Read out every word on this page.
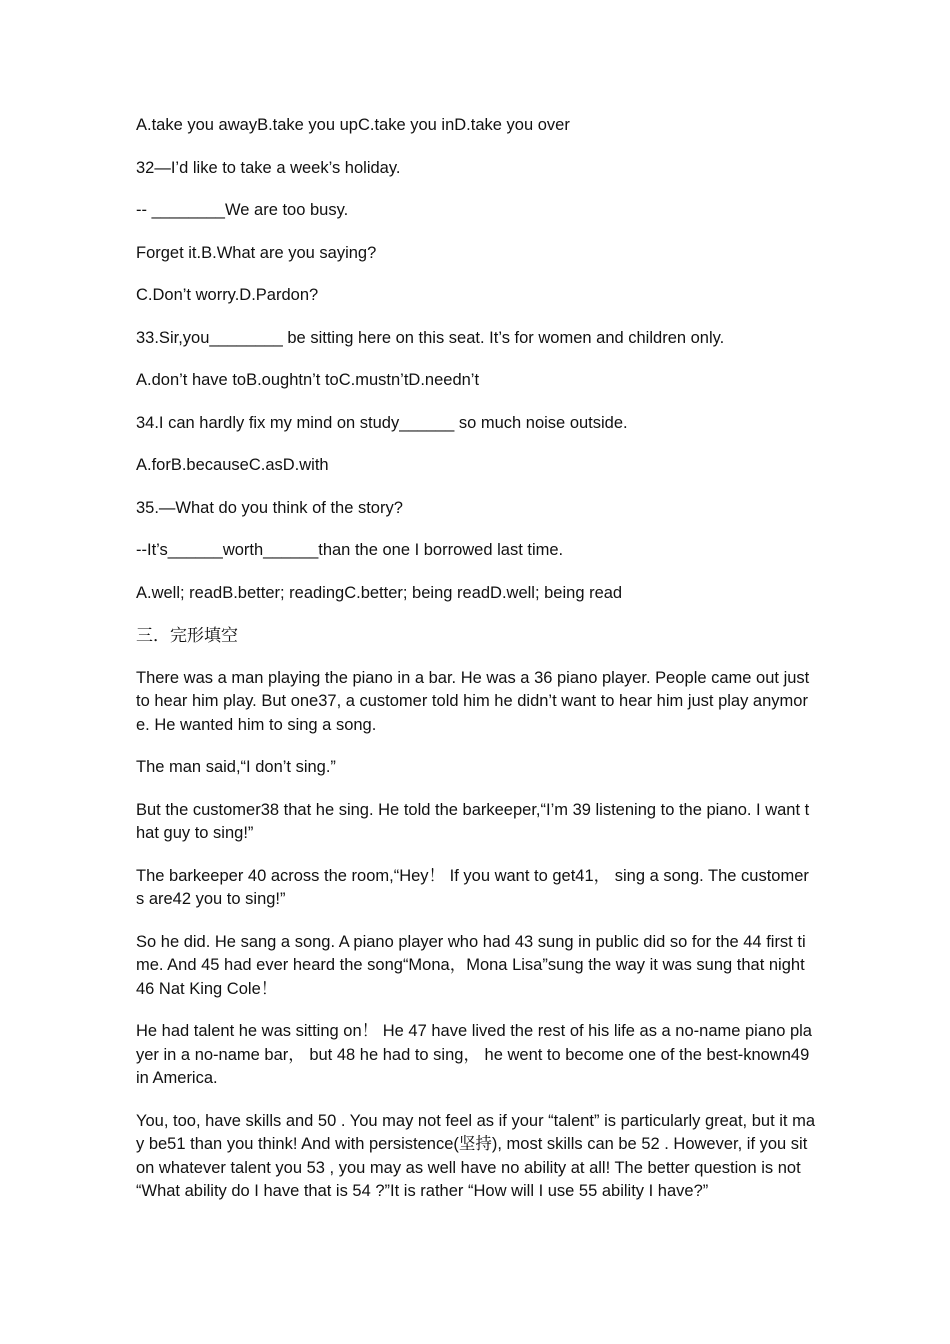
A.take you awayB.take you upC.take you inD.take you over

32—I’d like to take a week’s holiday.

-- ________We are too busy.

Forget it.B.What are you saying?

C.Don’t worry.D.Pardon?

33.Sir,you________ be sitting here on this seat. It’s for women and children only.

A.don’t have toB.oughtn’t toC.mustn’tD.needn’t

34.I can hardly fix my mind on study______ so much noise outside.

A.forB.becauseC.asD.with

35.—What do you think of the story?

--It’s______worth______than the one I borrowed last time.

A.well; readB.better; readingC.better; being readD.well; being read

三．完形填空

There was a man playing the piano in a bar. He was a 36 piano player. People came out just to hear him play. But one37, a customer told him he didn’t want to hear him just play anymore. He wanted him to sing a song.

The man said,“I don’t sing.”

But the customer38 that he sing. He told the barkeeper,“I’m 39 listening to the piano. I want that guy to sing!”

The barkeeper 40 across the room,“Hey！ If you want to get41， sing a song. The customers are42 you to sing!”

So he did. He sang a song. A piano player who had 43 sung in public did so for the 44 first time. And 45 had ever heard the song“Mona，Mona Lisa”sung the way it was sung that night 46 Nat King Cole！

He had talent he was sitting on！ He 47 have lived the rest of his life as a no-name piano player in a no-name bar， but 48 he had to sing， he went to become one of the best-known49 in America.

You, too, have skills and 50 . You may not feel as if your “talent” is particularly great, but it may be51 than you think! And with persistence(坚持), most skills can be 52 . However, if you sit on whatever talent you 53 , you may as well have no ability at all! The better question is not “What ability do I have that is 54 ?”It is rather “How will I use 55 ability I have?”
